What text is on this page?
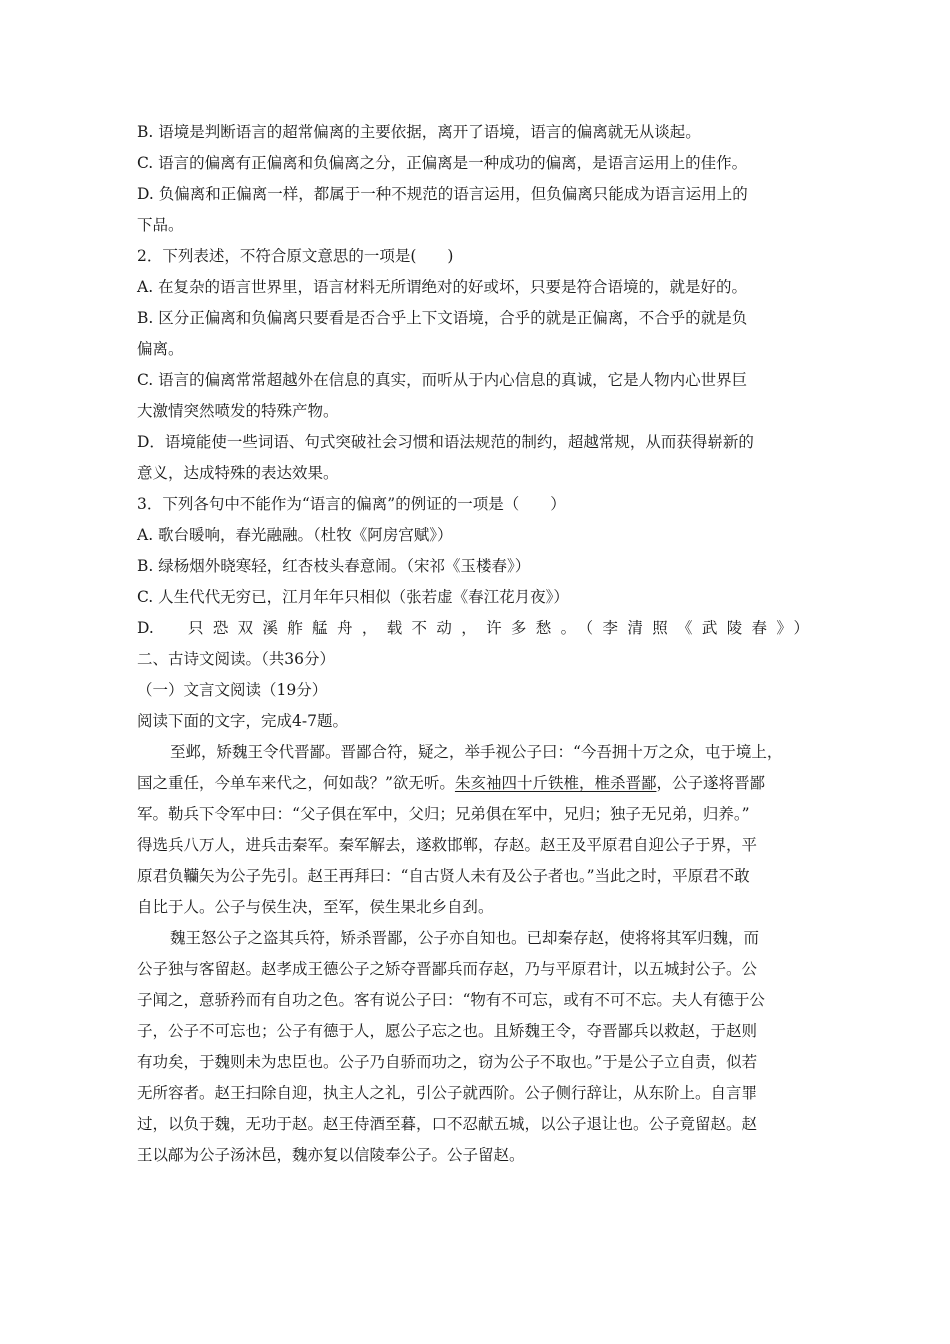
B. 语境是判断语言的超常偏离的主要依据，离开了语境，语言的偏离就无从谈起。
C. 语言的偏离有正偏离和负偏离之分，正偏离是一种成功的偏离，是语言运用上的佳作。
D. 负偏离和正偏离一样，都属于一种不规范的语言运用，但负偏离只能成为语言运用上的
下品。
2．下列表述，不符合原文意思的一项是(　　)
A. 在复杂的语言世界里，语言材料无所谓绝对的好或坏，只要是符合语境的，就是好的。
B. 区分正偏离和负偏离只要看是否合乎上下文语境，合乎的就是正偏离，不合乎的就是负
偏离。
C. 语言的偏离常常超越外在信息的真实，而听从于内心信息的真诚，它是人物内心世界巨
大激情突然喷发的特殊产物。
D．语境能使一些词语、句式突破社会习惯和语法规范的制约，超越常规，从而获得崭新的
意义，达成特殊的表达效果。
3．下列各句中不能作为“语言的偏离”的例证的一项是（　　）
A. 歌台暖响，春光融融。（杜牧《阿房宫赋》）
B. 绿杨烟外晓寒轻，红杏枝头春意闹。（宋祁《玉楼春》）
C. 人生代代无穷已，江月年年只相似（张若虚《春江花月夜》）
D.　只恐双溪舴艋舟，载不动，许多愁。（李清照《武陵春》）
二、古诗文阅读。（共36分）
（一）文言文阅读（19分）
阅读下面的文字，完成4-7题。
至邺，矫魏王令代晋鄙。晋鄙合符，疑之，举手视公子曰：“今吾拥十万之众，屯于境上，
国之重任，今单车来代之，何如哉？”欲无听。朱亥袖四十斤铁椎，椎杀晋鄙，公子遂将晋鄙
军。勒兵下令军中曰：“父子俱在军中，父归；兄弟俱在军中，兄归；独子无兄弟，归养。”
得选兵八万人，进兵击秦军。秦军解去，遂救邯郸，存赵。赵王及平原君自迎公子于界，平
原君负韊矢为公子先引。赵王再拜曰：“自古贤人未有及公子者也。”当此之时，平原君不敢
自比于人。公子与侯生决，至军，侯生果北乡自刭。
魏王怒公子之盗其兵符，矫杀晋鄙，公子亦自知也。已却秦存赵，使将将其军归魏，而
公子独与客留赵。赵孝成王德公子之矫夺晋鄙兵而存赵，乃与平原君计，以五城封公子。公
子闻之，意骄矜而有自功之色。客有说公子曰：“物有不可忘，或有不可不忘。夫人有德于公
子，公子不可忘也；公子有德于人，愿公子忘之也。且矫魏王令，夺晋鄙兵以救赵，于赵则
有功矣，于魏则未为忠臣也。公子乃自骄而功之，窃为公子不取也。”于是公子立自责，似若
无所容者。赵王扫除自迎，执主人之礼，引公子就西阶。公子侧行辞让，从东阶上。自言罪
过，以负于魏，无功于赵。赵王侍酒至暮，口不忍献五城，以公子退让也。公子竟留赵。赵
王以鄗为公子汤沐邑，魏亦复以信陵奉公子。公子留赵。
